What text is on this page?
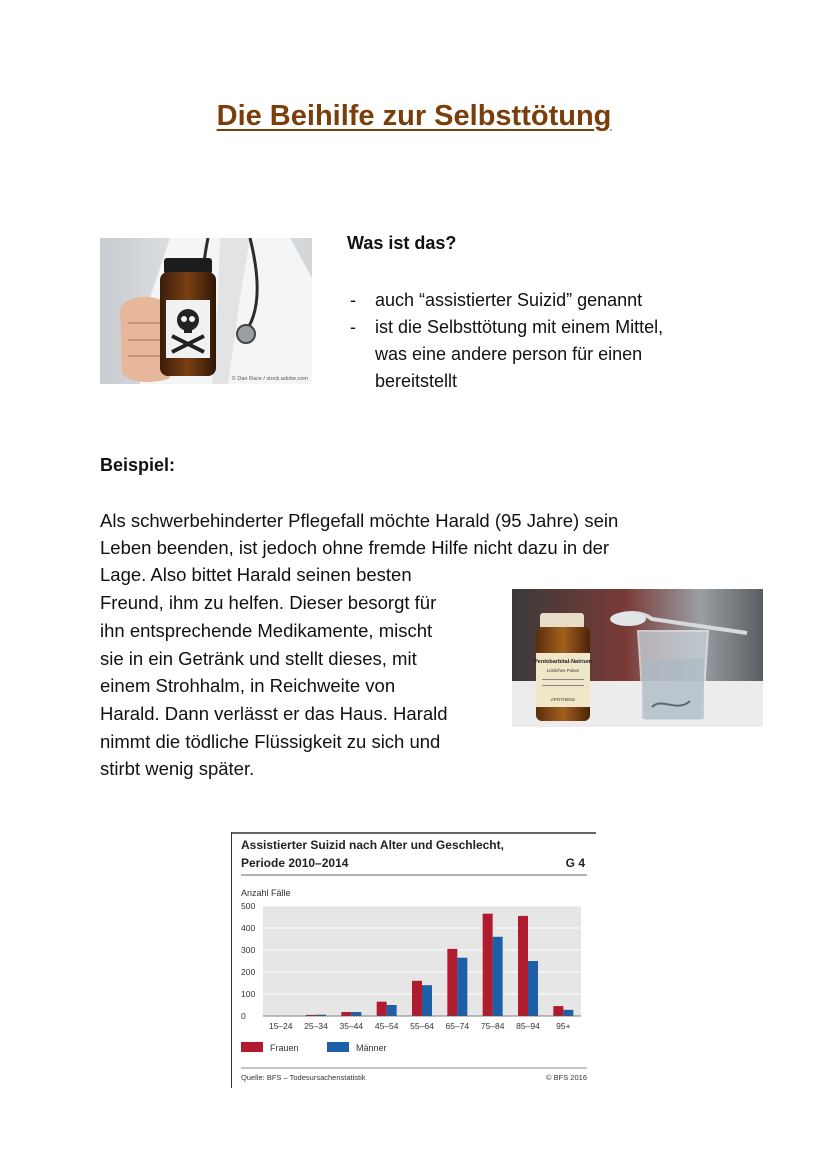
Die Beihilfe zur Selbsttötung
© Dan Race / stock.adobe.com
Was ist das?
- auch “assistierter Suizid” genannt
- ist die Selbsttötung mit einem Mittel,
was eine andere person für einen
bereitstellt
Beispiel:
Als schwerbehinderter Pflegefall möchte Harald (95 Jahre) sein
Leben beenden, ist jedoch ohne fremde Hilfe nicht dazu in der
Lage. Also bittet Harald seinen besten
Freund, ihm zu helfen. Dieser besorgt für
ihn entsprechende Medikamente, mischt
sie in ein Getränk und stellt dieses, mit
einem Strohhalm, in Reichweite von
Harald. Dann verlässt er das Haus. Harald
nimmt die tödliche Flüssigkeit zu sich und
stirbt wenig später.
Pentobarbital-Natrium
Lösliches Pulver
APOTHEKE
Assistierter Suizid nach Alter und Geschlecht,
Periode 2010–2014	G 4
Anzahl Fälle
0
100
200
300
400
500
15–24 25–34 35–44 45–54 55–64 65–74 75–84 85–94 95+
Frauen	Männer
Quelle: BFS – Todesursachenstatistik	© BFS 2016
